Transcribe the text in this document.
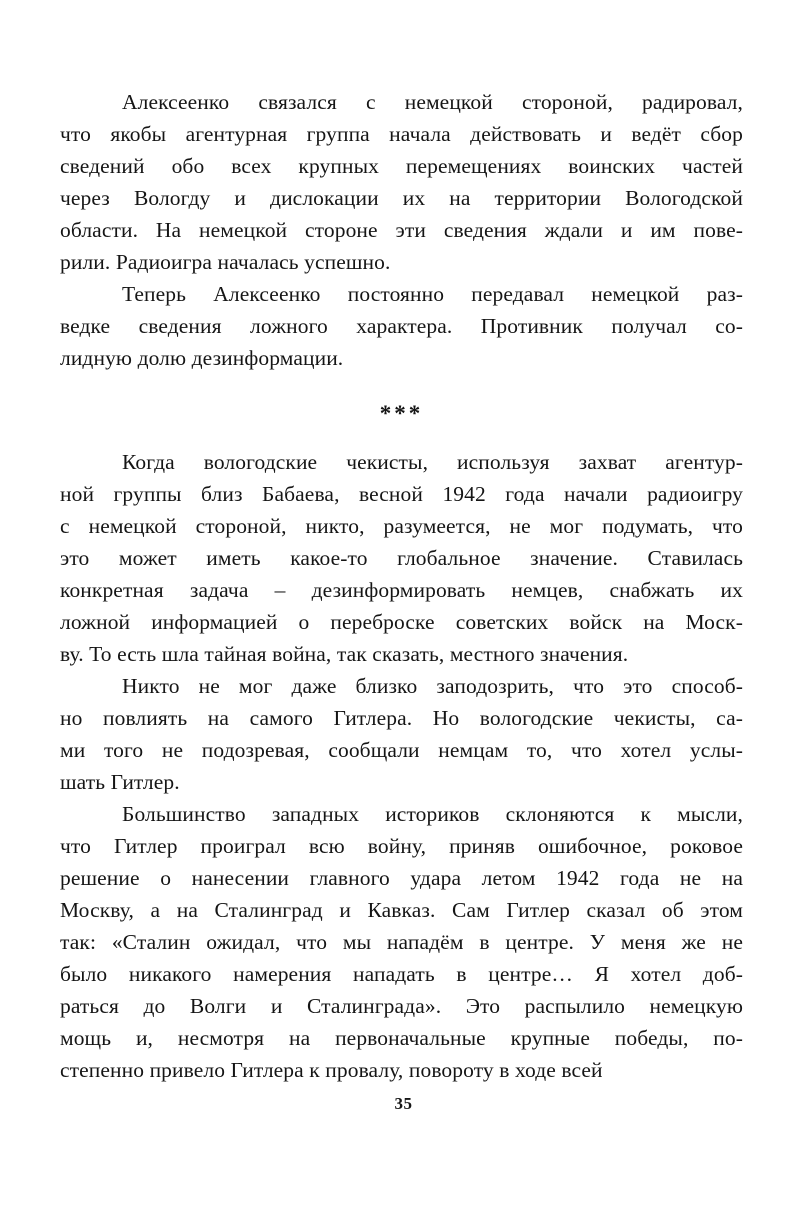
Алексеенко связался с немецкой стороной, радировал,
что якобы агентурная группа начала действовать и ведёт сбор
сведений обо всех крупных перемещениях воинских частей
через Вологду и дислокации их на территории Вологодской
области. На немецкой стороне эти сведения ждали и им пове-
рили. Радиоигра началась успешно.
Теперь Алексеенко постоянно передавал немецкой раз-
ведке сведения ложного характера. Противник получал со-
лидную долю дезинформации.
***
Когда вологодские чекисты, используя захват агентур-
ной группы близ Бабаева, весной 1942 года начали радиоигру
с немецкой стороной, никто, разумеется, не мог подумать, что
это может иметь какое-то глобальное значение. Ставилась
конкретная задача – дезинформировать немцев, снабжать их
ложной информацией о переброске советских войск на Моск-
ву. То есть шла тайная война, так сказать, местного значения.
Никто не мог даже близко заподозрить, что это способ-
но повлиять на самого Гитлера. Но вологодские чекисты, са-
ми того не подозревая, сообщали немцам то, что хотел услы-
шать Гитлер.
Большинство западных историков склоняются к мысли,
что Гитлер проиграл всю войну, приняв ошибочное, роковое
решение о нанесении главного удара летом 1942 года не на
Москву, а на Сталинград и Кавказ. Сам Гитлер сказал об этом
так: «Сталин ожидал, что мы нападём в центре. У меня же не
было никакого намерения нападать в центре… Я хотел доб-
раться до Волги и Сталинграда». Это распылило немецкую
мощь и, несмотря на первоначальные крупные победы, по-
степенно привело Гитлера к провалу, повороту в ходе всей
35
